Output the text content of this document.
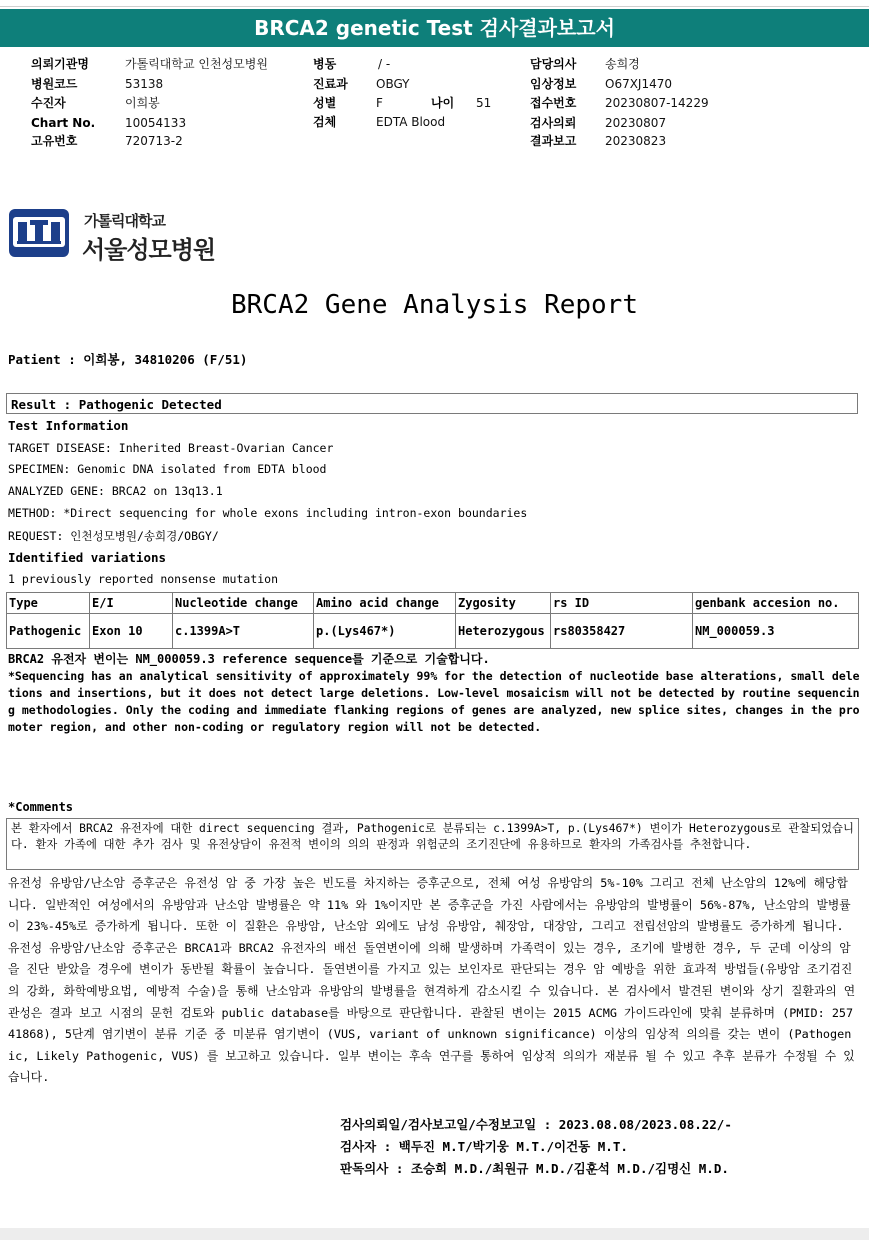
BRCA2 genetic Test 검사결과보고서
의뢰기관명	가톨릭대학교 인천성모병원
병원코드	53138
수진자	이희봉
Chart No. 10054133
고유번호	720713-2
병동	/ -
진료과 OBGY
성별	F	나이 51
검체	EDTA Blood
담당의사 송희경
임상정보 O67XJ1470
접수번호 20230807-14229
검사의뢰 20230807
결과보고 20230823
가톨릭대학교
서울성모병원
BRCA2 Gene Analysis Report
Patient : 이희봉, 34810206 (F/51)
Result : Pathogenic Detected
Test Information
TARGET DISEASE: Inherited Breast-Ovarian Cancer
SPECIMEN: Genomic DNA isolated from EDTA blood
ANALYZED GENE: BRCA2 on 13q13.1
METHOD: *Direct sequencing for whole exons including intron-exon boundaries
REQUEST: 인천성모병원/송희경/OBGY/
Identified variations
1 previously reported nonsense mutation
Type	E/I	Nucleotide change	Amino acid change	Zygosity	rs ID	genbank accesion no.
Pathogenic	Exon 10	c.1399A>T	p.(Lys467*)	Heterozygous	rs80358427	NM_000059.3
BRCA2 유전자 변이는 NM_000059.3 reference sequence를 기준으로 기술합니다.
*Sequencing has an analytical sensitivity of approximately 99% for the detection of nucleotide base alterations, small deletions and insertions, but it does not detect large deletions. Low-level mosaicism will not be detected by routine sequencing methodologies. Only the coding and immediate flanking regions of genes are analyzed, new splice sites, changes in the promoter region, and other non-coding or regulatory region will not be detected.
*Comments
본 환자에서 BRCA2 유전자에 대한 direct sequencing 결과, Pathogenic로 분류되는 c.1399A>T, p.(Lys467*) 변이가 Heterozygous로 관찰되었습니다. 환자 가족에 대한 추가 검사 및 유전상담이 유전적 변이의 의의 판정과 위험군의 조기진단에 유용하므로 환자의 가족검사를 추천합니다.
유전성 유방암/난소암 증후군은 유전성 암 중 가장 높은 빈도를 차지하는 증후군으로, 전체 여성 유방암의 5%-10% 그리고 전체 난소암의 12%에 해당합니다. 일반적인 여성에서의 유방암과 난소암 발병률은 약 11% 와 1%이지만 본 증후군을 가진 사람에서는 유방암의 발병률이 56%-87%, 난소암의 발병률이 23%-45%로 증가하게 됩니다. 또한 이 질환은 유방암, 난소암 외에도 남성 유방암, 췌장암, 대장암, 그리고 전립선암의 발병률도 증가하게 됩니다. 유전성 유방암/난소암 증후군은 BRCA1과 BRCA2 유전자의 배선 돌연변이에 의해 발생하며 가족력이 있는 경우, 조기에 발병한 경우, 두 군데 이상의 암을 진단 받았을 경우에 변이가 동반될 확률이 높습니다. 돌연변이를 가지고 있는 보인자로 판단되는 경우 암 예방을 위한 효과적 방법들(유방암 조기검진의 강화, 화학예방요법, 예방적 수술)을 통해 난소암과 유방암의 발병률을 현격하게 감소시킬 수 있습니다. 본 검사에서 발견된 변이와 상기 질환과의 연관성은 결과 보고 시점의 문헌 검토와 public database를 바탕으로 판단합니다. 관찰된 변이는 2015 ACMG 가이드라인에 맞춰 분류하며 (PMID: 25741868), 5단계 염기변이 분류 기준 중 미분류 염기변이 (VUS, variant of unknown significance) 이상의 임상적 의의를 갖는 변이 (Pathogenic, Likely Pathogenic, VUS) 를 보고하고 있습니다. 일부 변이는 후속 연구를 통하여 임상적 의의가 재분류 될 수 있고 추후 분류가 수정될 수 있습니다.
검사의뢰일/검사보고일/수정보고일 : 2023.08.08/2023.08.22/-
검사자 : 백두진 M.T/박기웅 M.T./이건동 M.T.
판독의사 : 조승희 M.D./최원규 M.D./김훈석 M.D./김명신 M.D.
